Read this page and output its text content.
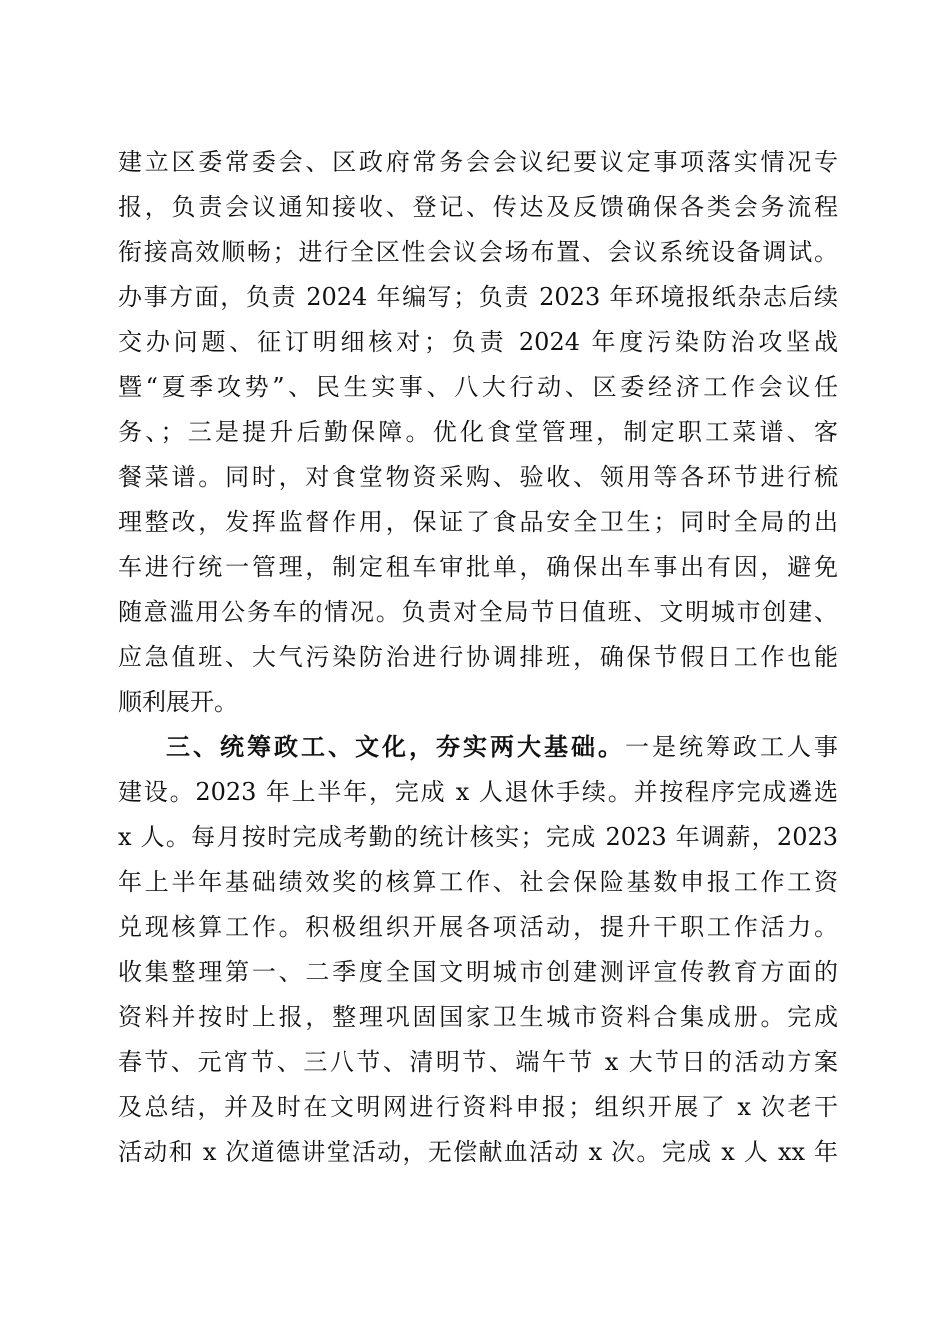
建立区委常委会、区政府常务会会议纪要议定事项落实情况专
报，负责会议通知接收、登记、传达及反馈确保各类会务流程
衔接高效顺畅；进行全区性会议会场布置、会议系统设备调试。
办事方面，负责 2024 年编写；负责 2023 年环境报纸杂志后续
交办问题、征订明细核对；负责 2024 年度污染防治攻坚战
暨“夏季攻势”、民生实事、八大行动、区委经济工作会议任
务、；三是提升后勤保障。优化食堂管理，制定职工菜谱、客
餐菜谱。同时，对食堂物资采购、验收、领用等各环节进行梳
理整改，发挥监督作用，保证了食品安全卫生；同时全局的出
车进行统一管理，制定租车审批单，确保出车事出有因，避免
随意滥用公务车的情况。负责对全局节日值班、文明城市创建、
应急值班、大气污染防治进行协调排班，确保节假日工作也能
顺利展开。
三、统筹政工、文化，夯实两大基础。一是统筹政工人事
建设。2023 年上半年，完成 x 人退休手续。并按程序完成遴选
x 人。每月按时完成考勤的统计核实；完成 2023 年调薪，2023
年上半年基础绩效奖的核算工作、社会保险基数申报工作工资
兑现核算工作。积极组织开展各项活动，提升干职工作活力。
收集整理第一、二季度全国文明城市创建测评宣传教育方面的
资料并按时上报，整理巩固国家卫生城市资料合集成册。完成
春节、元宵节、三八节、清明节、端午节 x 大节日的活动方案
及总结，并及时在文明网进行资料申报；组织开展了 x 次老干
活动和 x 次道德讲堂活动，无偿献血活动 x 次。完成 x 人 xx 年
